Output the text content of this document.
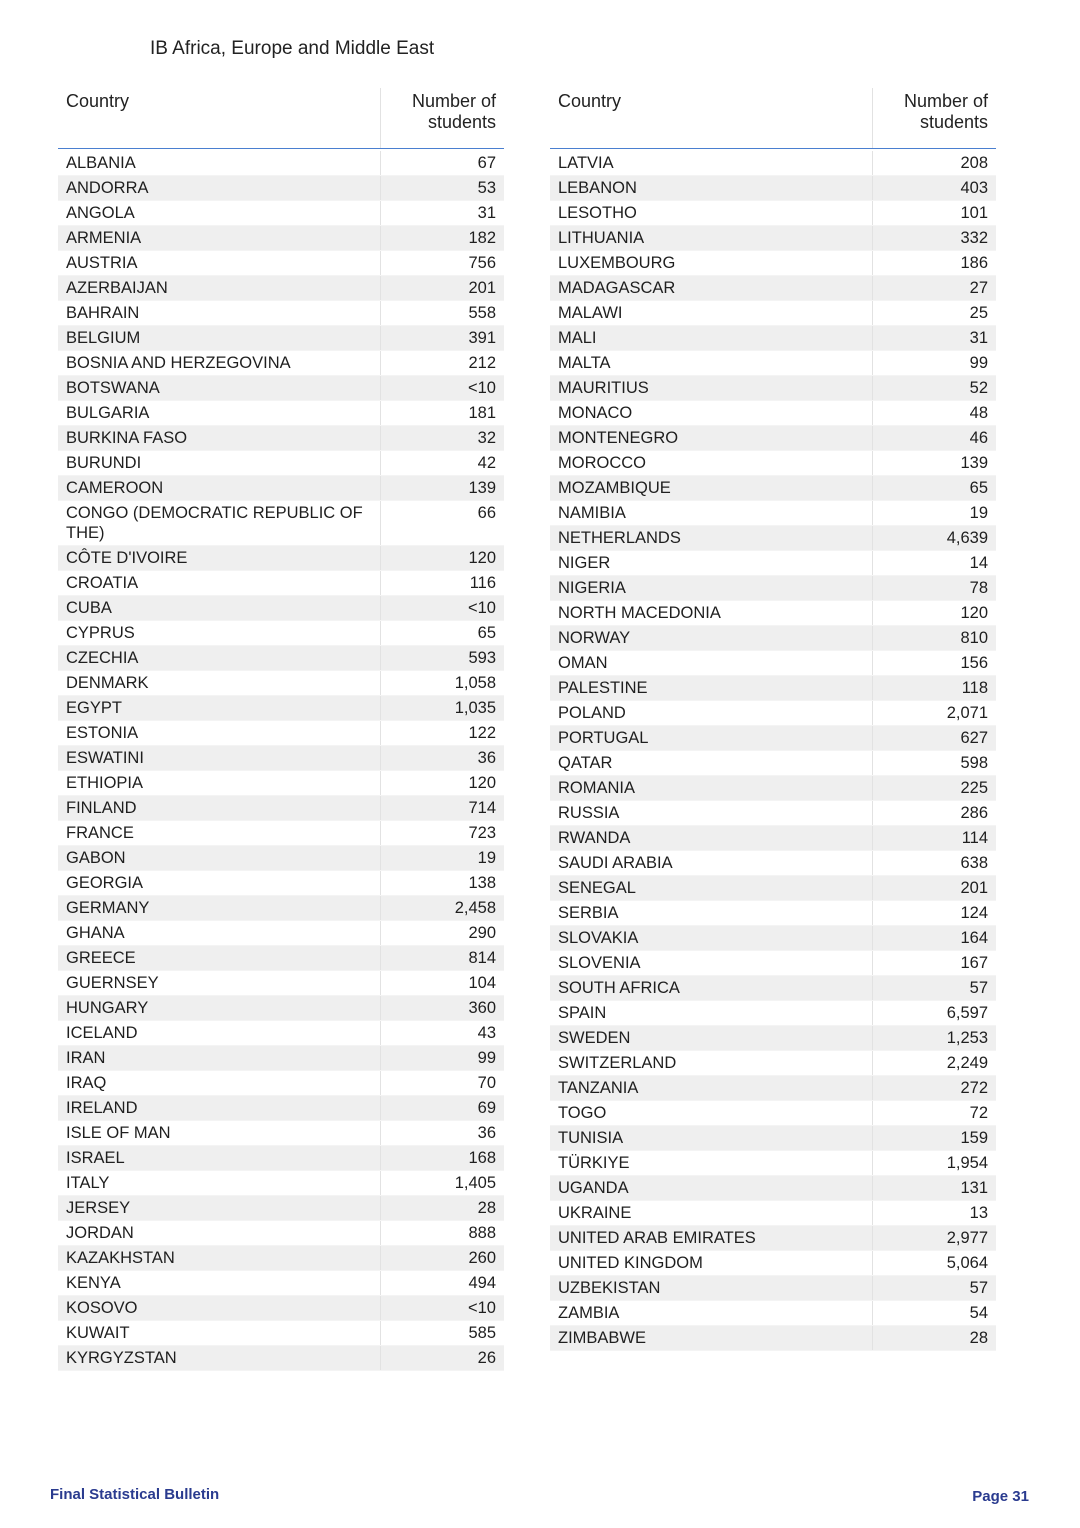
IB Africa, Europe and Middle East
Country	Number of students

ALBANIA	67
ANDORRA	53
ANGOLA	31
ARMENIA	182
AUSTRIA	756
AZERBAIJAN	201
BAHRAIN	558
BELGIUM	391
BOSNIA AND HERZEGOVINA	212
BOTSWANA	<10
BULGARIA	181
BURKINA FASO	32
BURUNDI	42
CAMEROON	139
CONGO (DEMOCRATIC REPUBLIC OF THE)	66
CÔTE D'IVOIRE	120
CROATIA	116
CUBA	<10
CYPRUS	65
CZECHIA	593
DENMARK	1,058
EGYPT	1,035
ESTONIA	122
ESWATINI	36
ETHIOPIA	120
FINLAND	714
FRANCE	723
GABON	19
GEORGIA	138
GERMANY	2,458
GHANA	290
GREECE	814
GUERNSEY	104
HUNGARY	360
ICELAND	43
IRAN	99
IRAQ	70
IRELAND	69
ISLE OF MAN	36
ISRAEL	168
ITALY	1,405
JERSEY	28
JORDAN	888
KAZAKHSTAN	260
KENYA	494
KOSOVO	<10
KUWAIT	585
KYRGYZSTAN	26
Country	Number of students

LATVIA	208
LEBANON	403
LESOTHO	101
LITHUANIA	332
LUXEMBOURG	186
MADAGASCAR	27
MALAWI	25
MALI	31
MALTA	99
MAURITIUS	52
MONACO	48
MONTENEGRO	46
MOROCCO	139
MOZAMBIQUE	65
NAMIBIA	19
NETHERLANDS	4,639
NIGER	14
NIGERIA	78
NORTH MACEDONIA	120
NORWAY	810
OMAN	156
PALESTINE	118
POLAND	2,071
PORTUGAL	627
QATAR	598
ROMANIA	225
RUSSIA	286
RWANDA	114
SAUDI ARABIA	638
SENEGAL	201
SERBIA	124
SLOVAKIA	164
SLOVENIA	167
SOUTH AFRICA	57
SPAIN	6,597
SWEDEN	1,253
SWITZERLAND	2,249
TANZANIA	272
TOGO	72
TUNISIA	159
TÜRKIYE	1,954
UGANDA	131
UKRAINE	13
UNITED ARAB EMIRATES	2,977
UNITED KINGDOM	5,064
UZBEKISTAN	57
ZAMBIA	54
ZIMBABWE	28
Final Statistical Bulletin	Page 31
